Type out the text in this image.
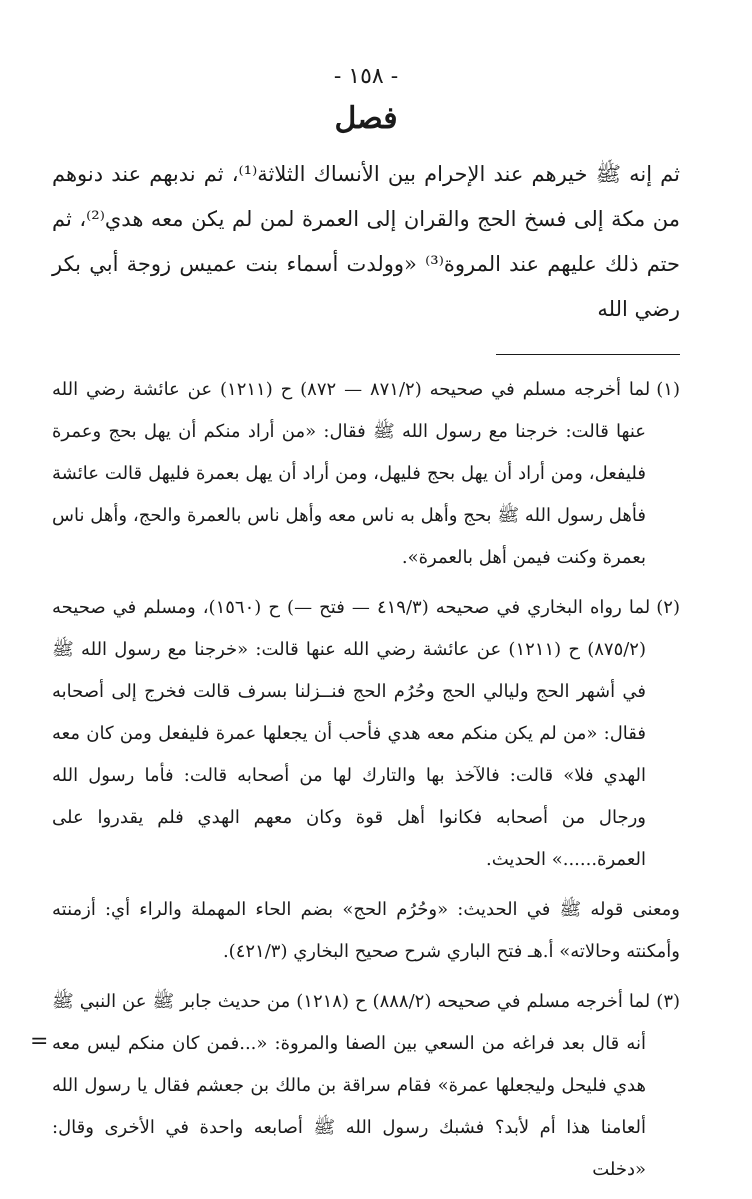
- ١٥٨ -

فصل

ثم إنه ﷺ خيرهم عند الإحرام بين الأنساك الثلاثة⁽¹⁾، ثم ندبهم عند دنوهم من مكة إلى فسخ الحج والقران إلى العمرة لمن لم يكن معه هدي⁽²⁾، ثم حتم ذلك عليهم عند المروة⁽³⁾ «وولدت أسماء بنت عميس زوجة أبي بكر رضي الله

(١)لما أخرجه مسلم في صحيحه (٨٧١/٢ — ٨٧٢) ح (١٢١١) عن عائشة رضي الله عنها قالت: خرجنا مع رسول الله ﷺ فقال: «من أراد منكم أن يهل بحج وعمرة فليفعل، ومن أراد أن يهل بحج فليهل، ومن أراد أن يهل بعمرة فليهل قالت عائشة فأهل رسول الله ﷺ بحج وأهل به ناس معه وأهل ناس بالعمرة والحج، وأهل ناس بعمرة وكنت فيمن أهل بالعمرة».

(٢)لما رواه البخاري في صحيحه (٤١٩/٣ — فتح —) ح (١٥٦٠)، ومسلم في صحيحه (٨٧٥/٢) ح (١٢١١) عن عائشة رضي الله عنها قالت: «خرجنا مع رسول الله ﷺ في أشهر الحج وليالي الحج وحُرُم الحج فنــزلنا بسرف قالت فخرج إلى أصحابه فقال: «من لم يكن منكم معه هدي فأحب أن يجعلها عمرة فليفعل ومن كان معه الهدي فلا» قالت: فالآخذ بها والتارك لها من أصحابه قالت: فأما رسول الله ورجال من أصحابه فكانوا أهل قوة وكان معهم الهدي فلم يقدروا على العمرة......» الحديث.

ومعنى قوله ﷺ في الحديث: «وحُرُم الحج» بضم الحاء المهملة والراء أي: أزمنته وأمكنته وحالاته» أ.هـ فتح الباري شرح صحيح البخاري (٤٢١/٣).

(٣)لما أخرجه مسلم في صحيحه (٨٨٨/٢) ح (١٢١٨) من حديث جابر ﷺ عن النبي ﷺ أنه قال بعد فراغه من السعي بين الصفا والمروة: «...فمن كان منكم ليس معه هدي فليحل وليجعلها عمرة» فقام سراقة بن مالك بن جعشم فقال يا رسول الله ألعامنا هذا أم لأبد؟ فشبك رسول الله ﷺ أصابعه واحدة في الأخرى وقال: «دخلت

=
